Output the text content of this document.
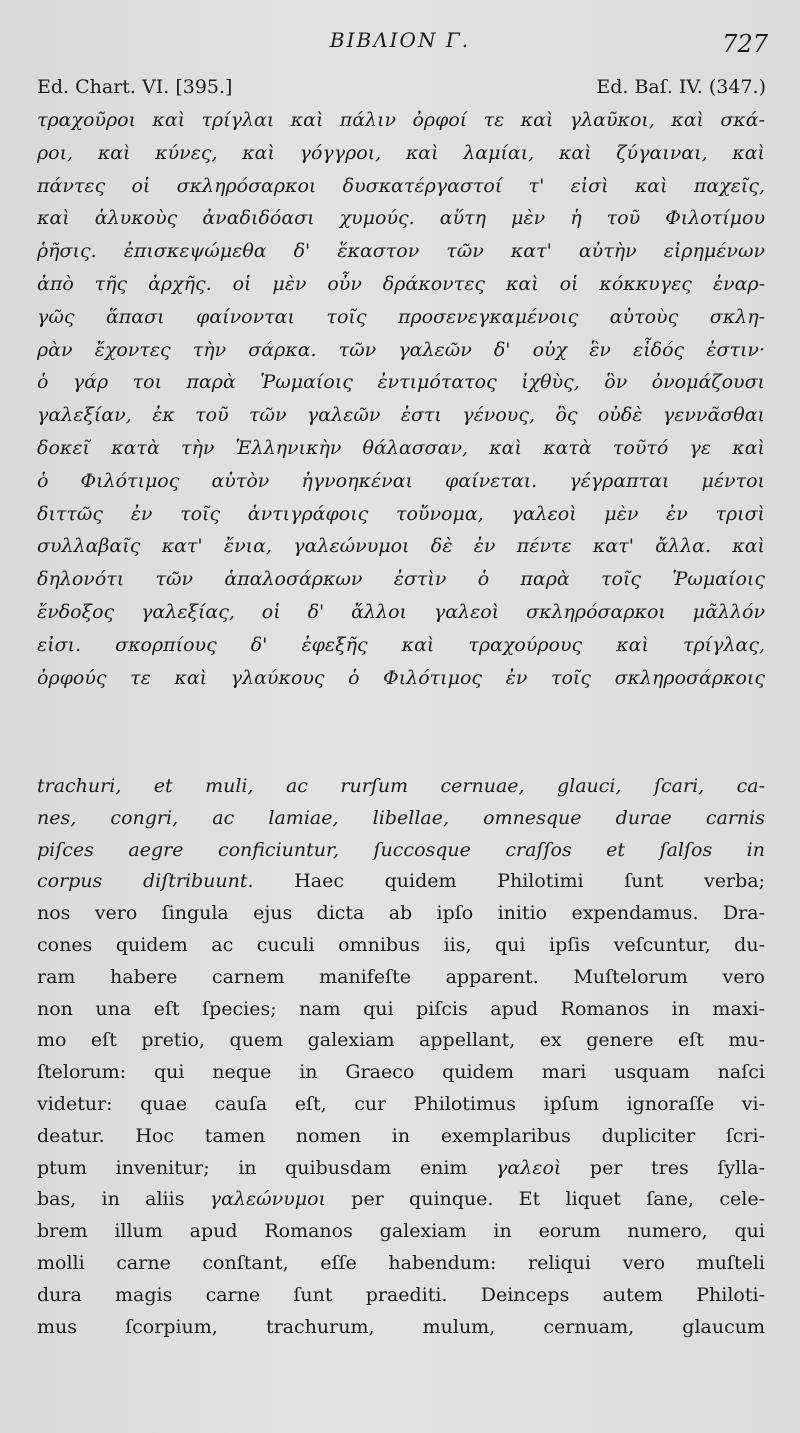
ΒΙΒΛΙΟΝ Γ.	727
Ed. Chart. VI. [395.]	Ed. Baſ. IV. (347.)
τραχοῦροι καὶ τρίγλαι καὶ πάλιν ὀρφοί τε καὶ γλαῦκοι, καὶ σκά-
ροι, καὶ κύνες, καὶ γόγγροι, καὶ λαμίαι, καὶ ζύγαιναι, καὶ
πάντες οἱ σκληρόσαρκοι δυσκατέργαστοί τ' εἰσὶ καὶ παχεῖς,
καὶ ἁλυκοὺς ἀναδιδόασι χυμούς. αὕτη μὲν ἡ τοῦ Φιλοτίμου
ῥῆσις. ἐπισκεψώμεθα δ' ἕκαστον τῶν κατ' αὐτὴν εἰρημένων
ἀπὸ τῆς ἀρχῆς. οἱ μὲν οὖν δράκοντες καὶ οἱ κόκκυγες ἐναρ-
γῶς ἅπασι φαίνονται τοῖς προσενεγκαμένοις αὐτοὺς σκλη-
ρὰν ἔχοντες τὴν σάρκα. τῶν γαλεῶν δ' οὐχ ἓν εἶδός ἐστιν·
ὁ γάρ τοι παρὰ Ῥωμαίοις ἐντιμότατος ἰχθὺς, ὃν ὀνομάζουσι
γαλεξίαν, ἐκ τοῦ τῶν γαλεῶν ἐστι γένους, ὃς οὐδὲ γεννᾶσθαι
δοκεῖ κατὰ τὴν Ἑλληνικὴν θάλασσαν, καὶ κατὰ τοῦτό γε καὶ
ὁ Φιλότιμος αὐτὸν ἠγνοηκέναι φαίνεται. γέγραπται μέντοι
διττῶς ἐν τοῖς ἀντιγράφοις τοὔνομα, γαλεοὶ μὲν ἐν τρισὶ
συλλαβαῖς κατ' ἔνια, γαλεώνυμοι δὲ ἐν πέντε κατ' ἄλλα. καὶ
δηλονότι τῶν ἁπαλοσάρκων ἐστὶν ὁ παρὰ τοῖς Ῥωμαίοις
ἔνδοξος γαλεξίας, οἱ δ' ἄλλοι γαλεοὶ σκληρόσαρκοι μᾶλλόν
εἰσι. σκορπίους δ' ἐφεξῆς καὶ τραχούρους καὶ τρίγλας,
ὀρφούς τε καὶ γλαύκους ὁ Φιλότιμος ἐν τοῖς σκληροσάρκοις
trachuri, et muli, ac rurſum cernuae, glauci, ſcari, ca-
nes, congri, ac lamiae, libellae, omnesque durae carnis
piſces aegre conficiuntur, ſuccosque craſſos et ſalſos in
corpus diſtribuunt. Haec quidem Philotimi ſunt verba;
nos vero ſingula ejus dicta ab ipſo initio expendamus. Dra-
cones quidem ac cuculi omnibus iis, qui ipſis veſcuntur, du-
ram habere carnem manifeſte apparent. Muſtelorum vero
non una eſt ſpecies; nam qui piſcis apud Romanos in maxi-
mo eſt pretio, quem galexiam appellant, ex genere eſt mu-
ſtelorum: qui neque in Graeco quidem mari usquam naſci
videtur: quae cauſa eſt, cur Philotimus ipſum ignoraſſe vi-
deatur. Hoc tamen nomen in exemplaribus dupliciter ſcri-
ptum invenitur; in quibusdam enim γαλεοὶ per tres ſylla-
bas, in aliis γαλεώνυμοι per quinque. Et liquet ſane, cele-
brem illum apud Romanos galexiam in eorum numero, qui
molli carne conſtant, eſſe habendum: reliqui vero muſteli
dura magis carne ſunt praediti. Deinceps autem Philoti-
mus ſcorpium, trachurum, mulum, cernuam, glaucum
